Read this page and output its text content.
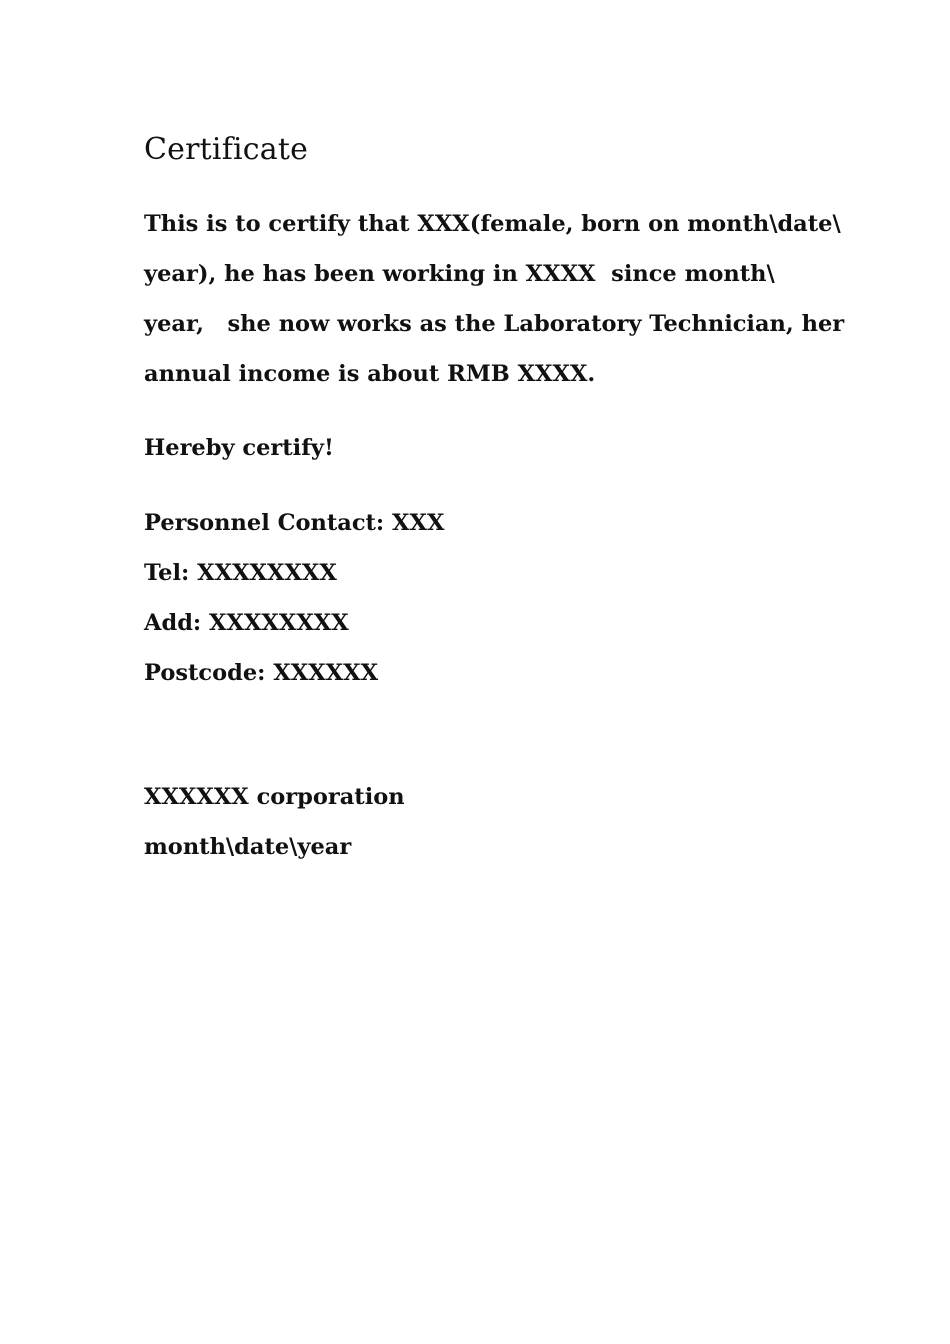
Certificate
This is to certify that XXX(female, born on month\date\
year), he has been working in XXXX  since month\
year,   she now works as the Laboratory Technician, her
annual income is about RMB XXXX.
Hereby certify!
Personnel Contact: XXX
Tel: XXXXXXXX
Add: XXXXXXXX
Postcode: XXXXXX
XXXXXX corporation
month\date\year
